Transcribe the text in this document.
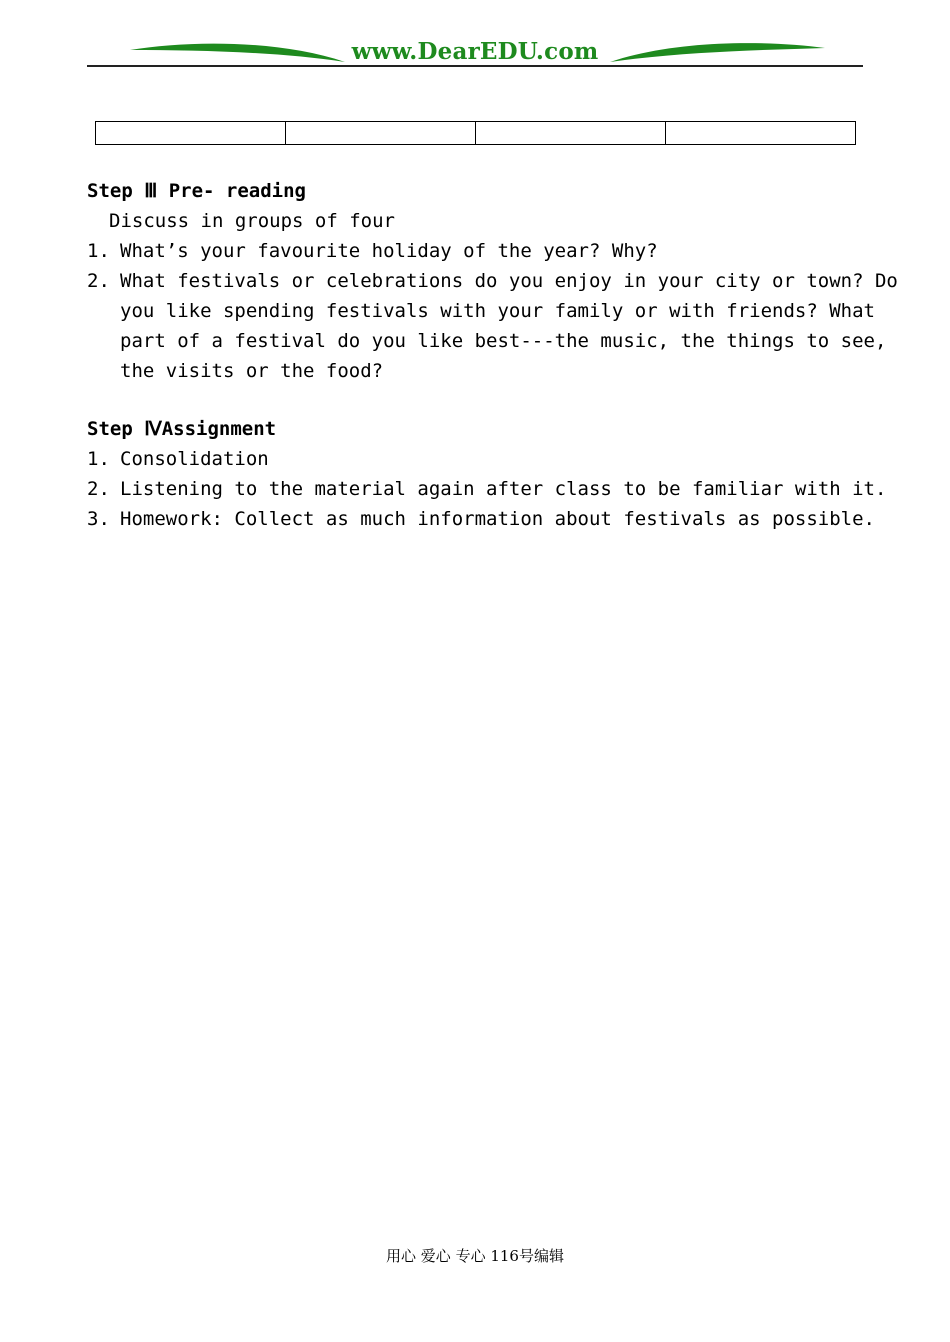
www.DearEDU.com

Step Ⅲ Pre- reading
Discuss in groups of four
1. What’s your favourite holiday of the year? Why?
2. What festivals or celebrations do you enjoy in your city or town? Do
you like spending festivals with your family or with friends? What
part of a festival do you like best---the music, the things to see,
the visits or the food?
Step ⅣAssignment
1. Consolidation
2. Listening to the material again after class to be familiar with it.
3. Homework: Collect as much information about festivals as possible.
用心 爱心 专心 116号编辑
